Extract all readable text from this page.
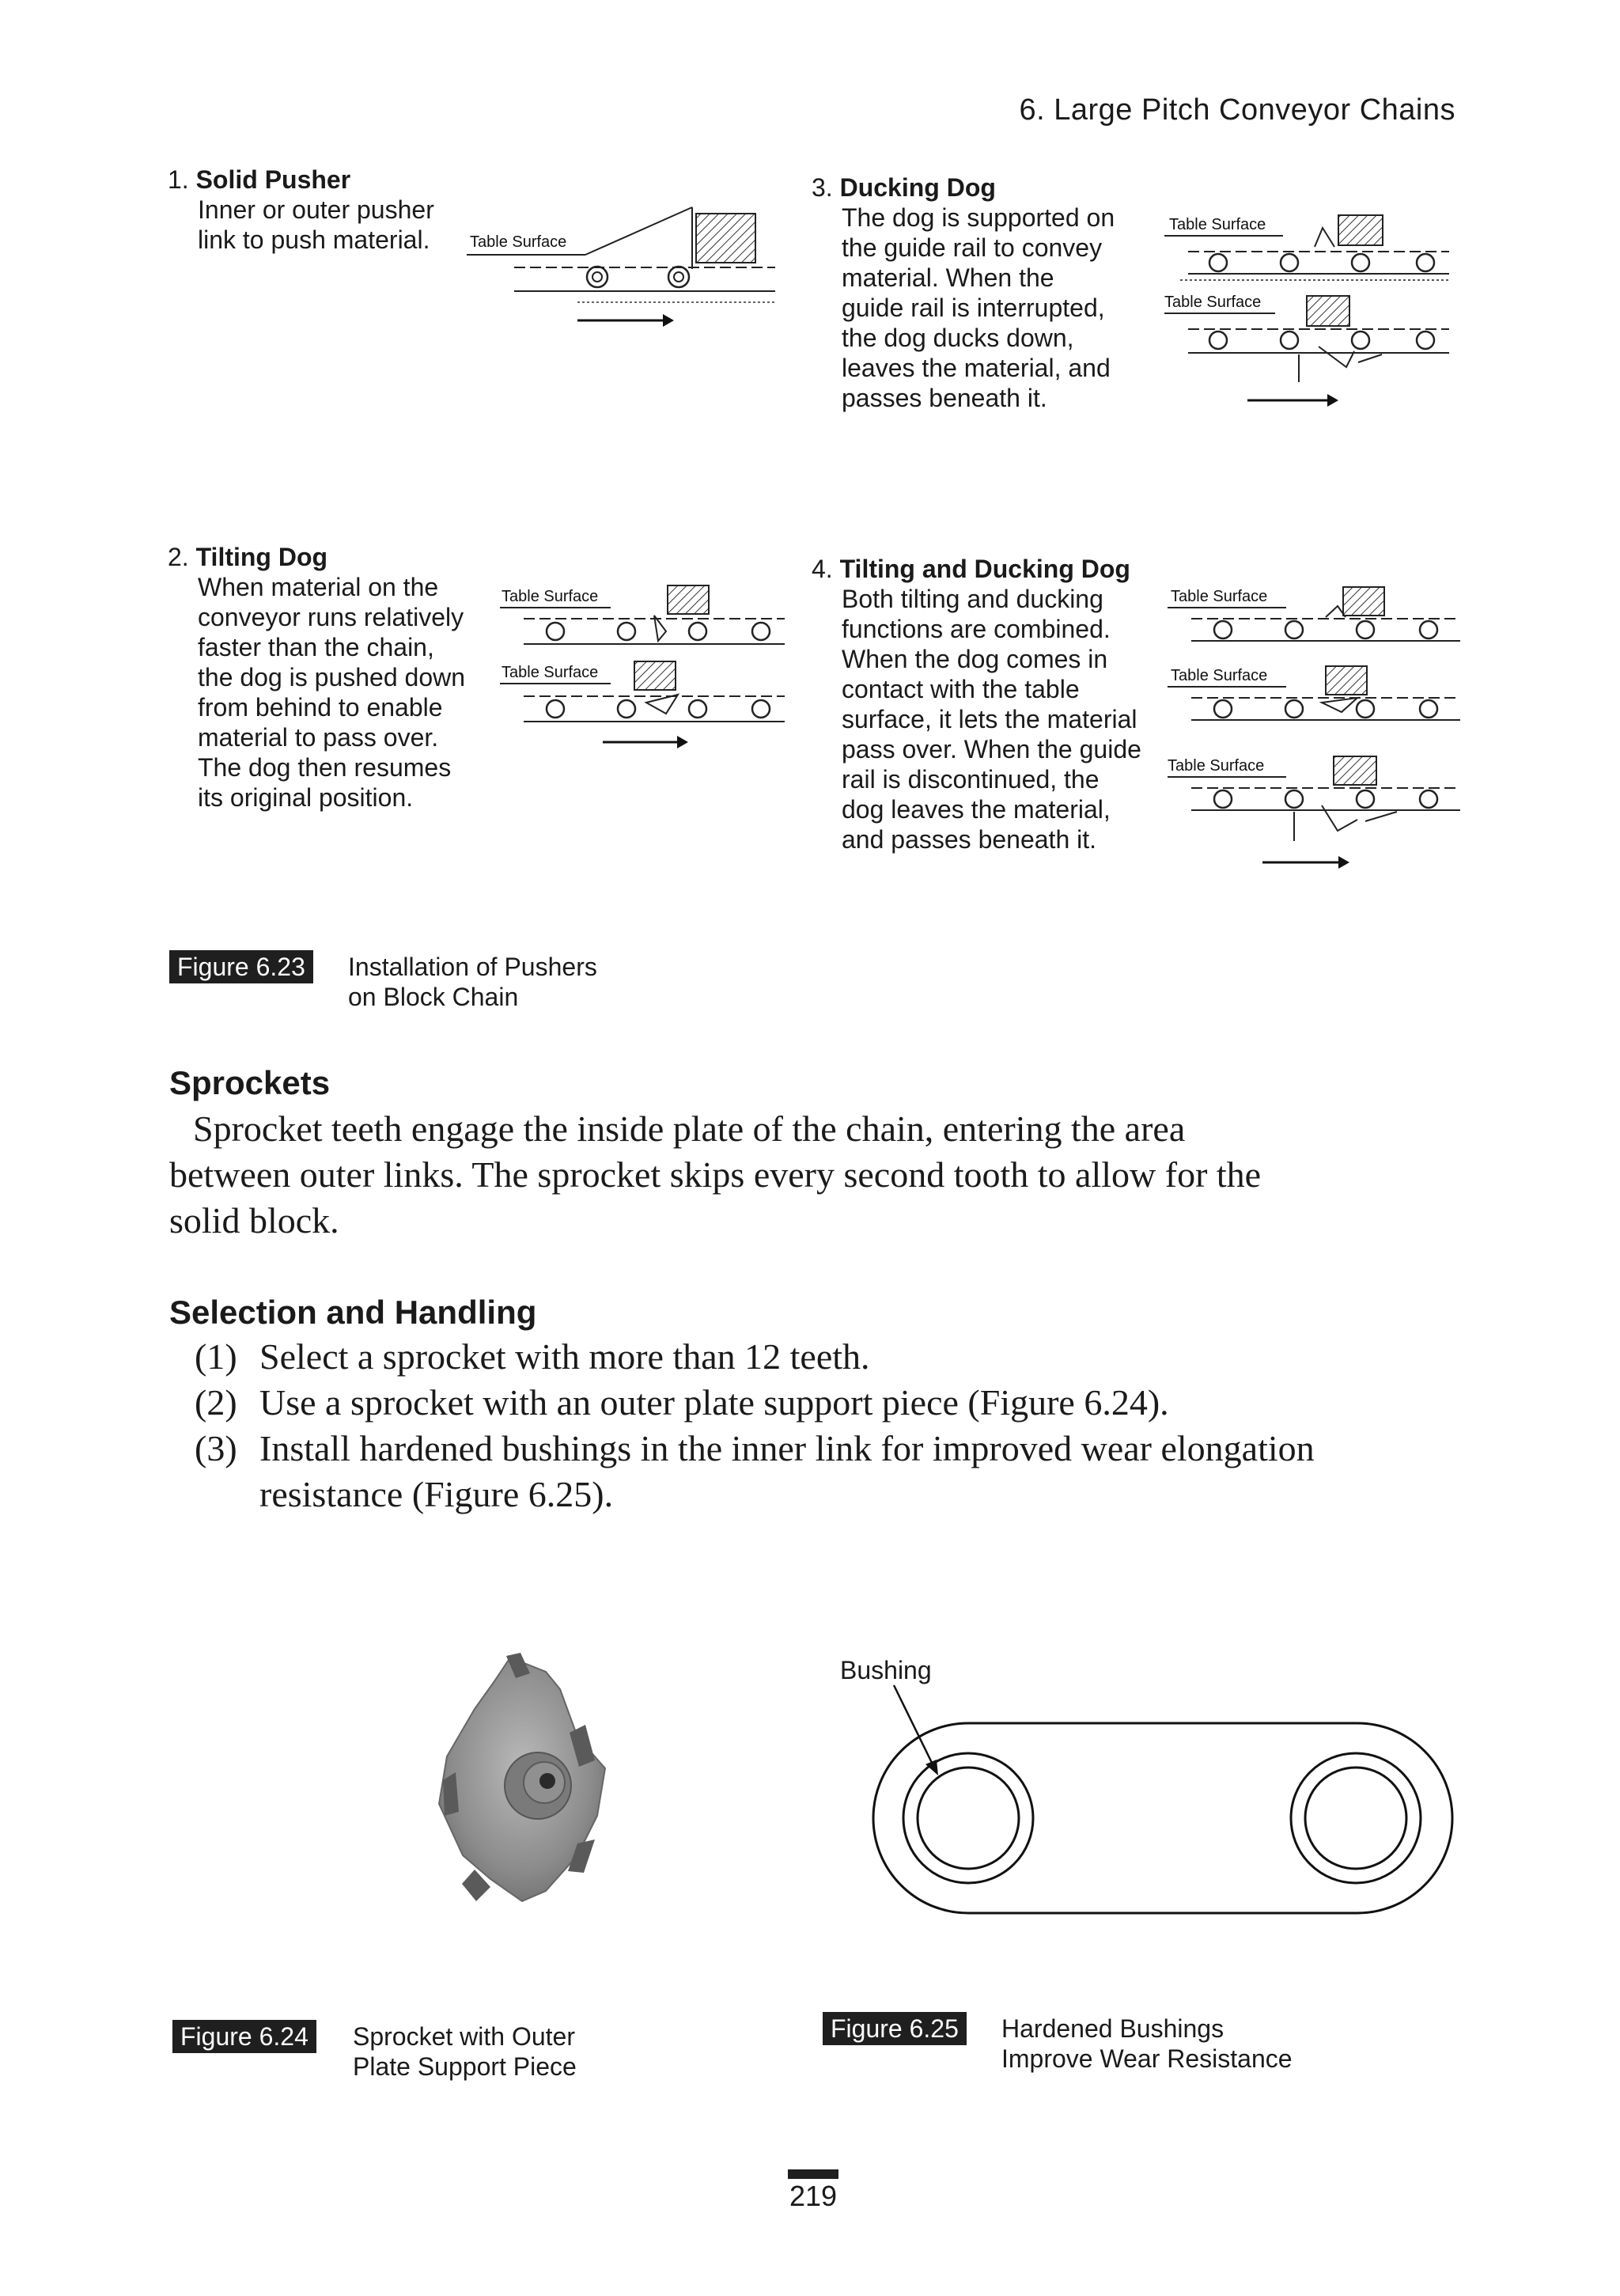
6. Large Pitch Conveyor Chains
1. Solid Pusher
Inner or outer pusher
link to push material.
2. Tilting Dog
When material on the
conveyor runs relatively
faster than the chain,
the dog is pushed down
from behind to enable
material to pass over.
The dog then resumes
its original position.
3. Ducking Dog
The dog is supported on
the guide rail to convey
material. When the
guide rail is interrupted,
the dog ducks down,
leaves the material, and
passes beneath it.
4. Tilting and Ducking Dog
Both tilting and ducking
functions are combined.
When the dog comes in
contact with the table
surface, it lets the material
pass over. When the guide
rail is discontinued, the
dog leaves the material,
and passes beneath it.
Table Surface
Table Surface
Table Surface
Table Surface
Table Surface
Table Surface
Table Surface
Table Surface
Figure 6.23	Installation of Pushers
on Block Chain
Sprockets
Sprocket teeth engage the inside plate of the chain, entering the area
between outer links. The sprocket skips every second tooth to allow for the
solid block.
Selection and Handling
(1) Select a sprocket with more than 12 teeth.
(2) Use a sprocket with an outer plate support piece (Figure 6.24).
(3) Install hardened bushings in the inner link for improved wear elongation
resistance (Figure 6.25).
Figure 6.24	Sprocket with Outer
Plate Support Piece
Bushing
Figure 6.25	Hardened Bushings
Improve Wear Resistance
219
